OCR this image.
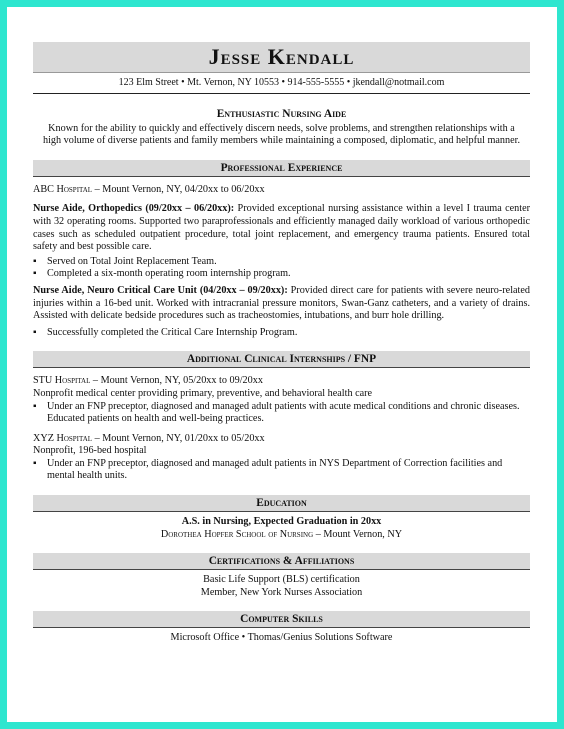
Jesse Kendall
123 Elm Street • Mt. Vernon, NY 10553 • 914-555-5555 • jkendall@notmail.com
Enthusiastic Nursing Aide

Known for the ability to quickly and effectively discern needs, solve problems, and strengthen relationships with a high volume of diverse patients and family members while maintaining a composed, diplomatic, and helpful manner.

Professional Experience
ABC Hospital – Mount Vernon, NY, 04/20xx to 06/20xx

Nurse Aide, Orthopedics (09/20xx – 06/20xx): Provided exceptional nursing assistance within a level I trauma center with 32 operating rooms. Supported two paraprofessionals and efficiently managed daily workload of various orthopedic cases such as scheduled outpatient procedure, total joint replacement, and emergency trauma patients. Ensured total safety and best possible care.

▪ Served on Total Joint Replacement Team.
▪ Completed a six-month operating room internship program.

Nurse Aide, Neuro Critical Care Unit (04/20xx – 09/20xx): Provided direct care for patients with severe neuro-related injuries within a 16-bed unit. Worked with intracranial pressure monitors, Swan-Ganz catheters, and a variety of drains. Assisted with delicate bedside procedures such as tracheostomies, intubations, and burr hole drilling.

▪ Successfully completed the Critical Care Internship Program.
Additional Clinical Internships / FNP

STU Hospital – Mount Vernon, NY, 05/20xx to 09/20xx

Nonprofit medical center providing primary, preventive, and behavioral health care

▪ Under an FNP preceptor, diagnosed and managed adult patients with acute medical conditions and chronic diseases. Educated patients on health and well-being practices.

XYZ Hospital – Mount Vernon, NY, 01/20xx to 05/20xx

Nonprofit, 196-bed hospital

▪ Under an FNP preceptor, diagnosed and managed adult patients in NYS Department of Correction facilities and mental health units.
Education

A.S. in Nursing, Expected Graduation in 20xx

Dorothea Hopfer School of Nursing – Mount Vernon, NY

Certifications & Affiliations

Basic Life Support (BLS) certification

Member, New York Nurses Association

Computer Skills
Microsoft Office • Thomas/Genius Solutions Software
